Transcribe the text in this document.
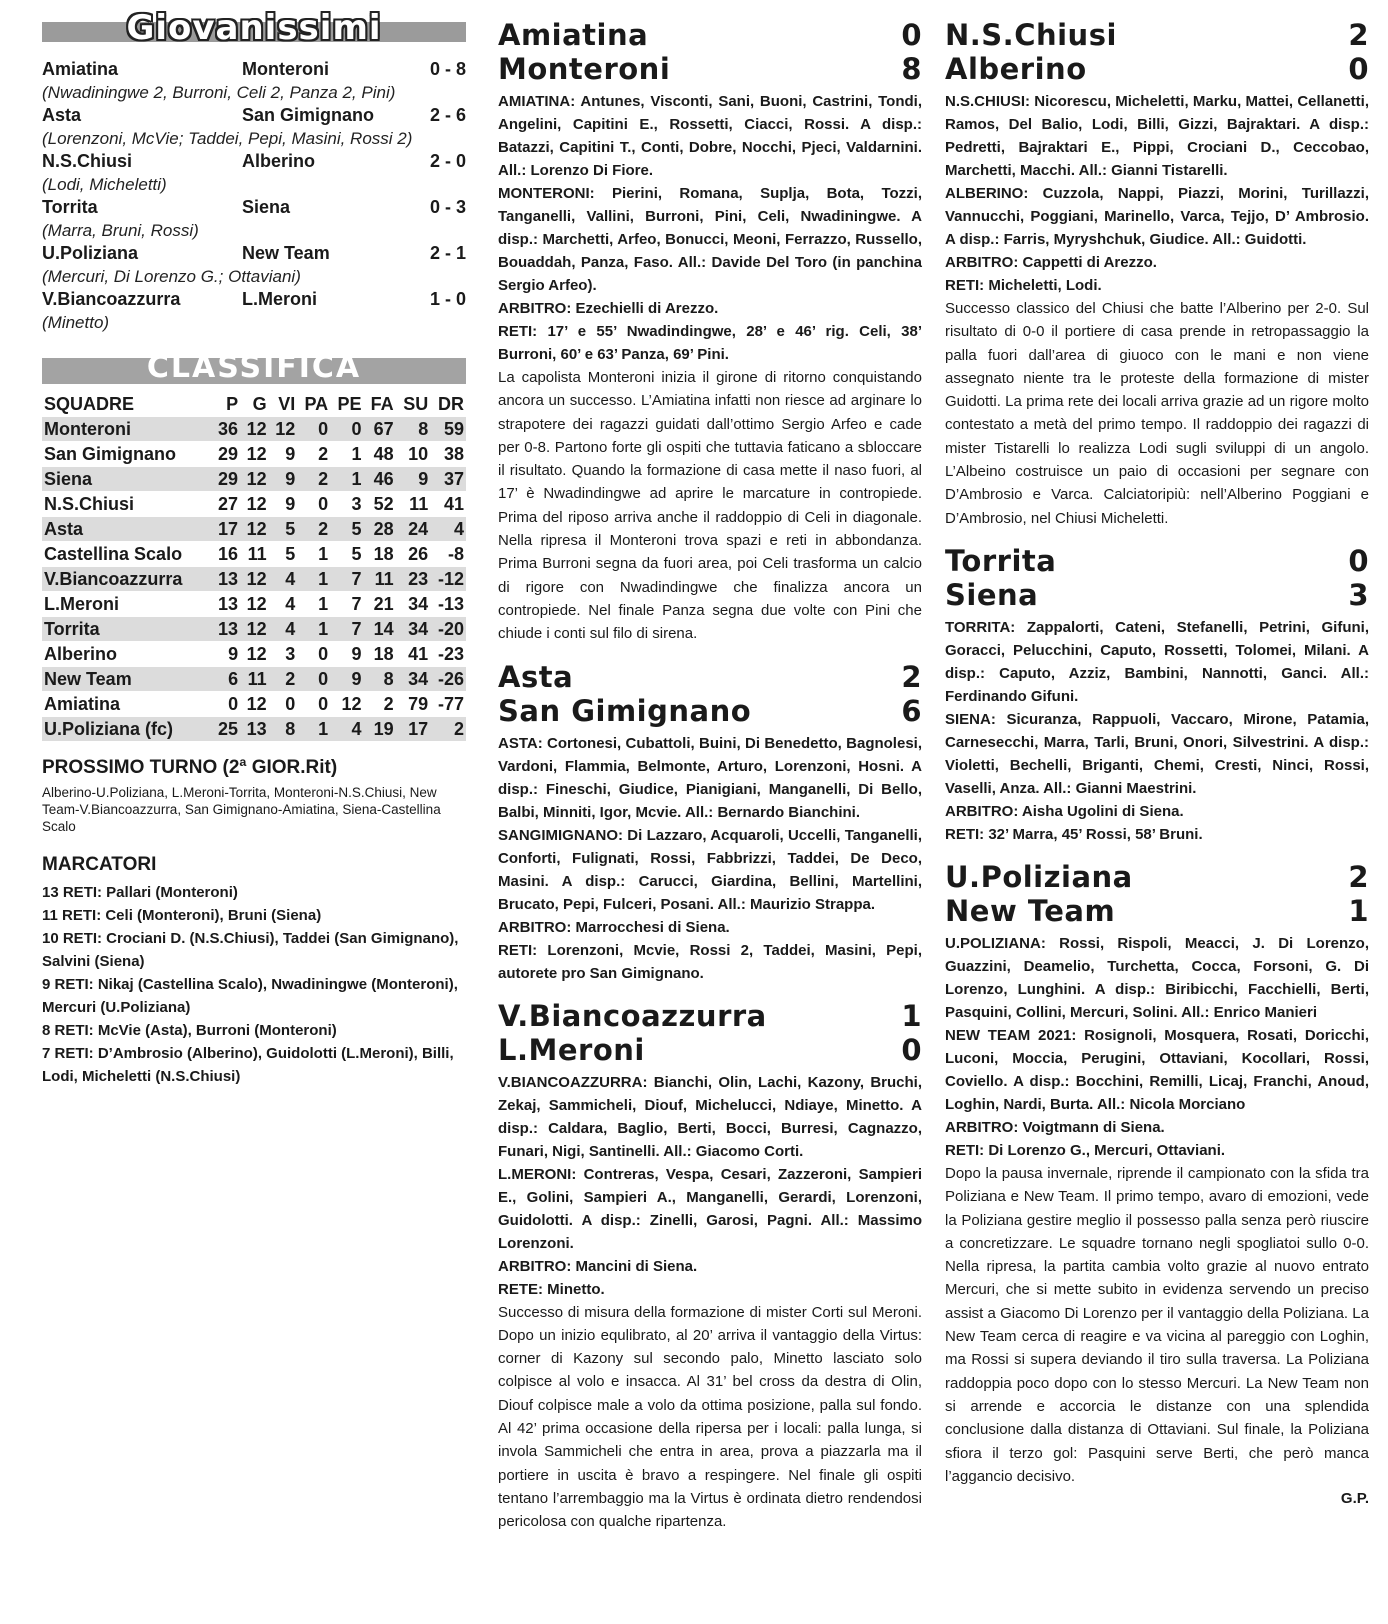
Giovanissimi
Amiatina	Monteroni	0 - 8
(Nwadiningwe 2, Burroni, Celi 2, Panza 2, Pini)
Asta	San Gimignano	2 - 6
(Lorenzoni, McVie; Taddei, Pepi, Masini, Rossi 2)
N.S.Chiusi	Alberino	2 - 0
(Lodi, Micheletti)
Torrita	Siena	0 - 3
(Marra, Bruni, Rossi)
U.Poliziana	New Team	2 - 1
(Mercuri, Di Lorenzo G.; Ottaviani)
V.Biancoazzurra	L.Meroni	1 - 0
(Minetto)
CLASSIFICA
SQUADRE	P	G	VI	PA	PE	FA	SU	DR
Monteroni	36	12	12	0	0	67	8	59
San Gimignano	29	12	9	2	1	48	10	38
Siena	29	12	9	2	1	46	9	37
N.S.Chiusi	27	12	9	0	3	52	11	41
Asta	17	12	5	2	5	28	24	4
Castellina Scalo	16	11	5	1	5	18	26	-8
V.Biancoazzurra	13	12	4	1	7	11	23	-12
L.Meroni	13	12	4	1	7	21	34	-13
Torrita	13	12	4	1	7	14	34	-20
Alberino	9	12	3	0	9	18	41	-23
New Team	6	11	2	0	9	8	34	-26
Amiatina	0	12	0	0	12	2	79	-77
U.Poliziana (fc)	25	13	8	1	4	19	17	2
PROSSIMO TURNO (2ª GIOR.Rit)
Alberino-U.Poliziana, L.Meroni-Torrita, Monteroni-N.S.Chiusi, New Team-V.Biancoazzurra, San Gimignano-Amiatina, Siena-Castellina Scalo
MARCATORI
13 RETI: Pallari (Monteroni)
11 RETI: Celi (Monteroni), Bruni (Siena)
10 RETI: Crociani D. (N.S.Chiusi), Taddei (San Gimignano), Salvini (Siena)
9 RETI: Nikaj (Castellina Scalo), Nwadiningwe (Monteroni), Mercuri (U.Poliziana)
8 RETI: McVie (Asta), Burroni (Monteroni)
7 RETI: D’Ambrosio (Alberino), Guidolotti (L.Meroni), Billi, Lodi, Micheletti (N.S.Chiusi)
Amiatina	0
Monteroni	8

AMIATINA: Antunes, Visconti, Sani, Buoni, Castrini, Tondi, Angelini, Capitini E., Rossetti, Ciacci, Rossi. A disp.: Batazzi, Capitini T., Conti, Dobre, Nocchi, Pjeci, Valdarnini. All.: Lorenzo Di Fiore.

MONTERONI: Pierini, Romana, Suplja, Bota, Tozzi, Tanganelli, Vallini, Burroni, Pini, Celi, Nwadiningwe. A disp.: Marchetti, Arfeo, Bonucci, Meoni, Ferrazzo, Russello, Bouaddah, Panza, Faso. All.: Davide Del Toro (in panchina Sergio Arfeo).

ARBITRO: Ezechielli di Arezzo.

RETI: 17’ e 55’ Nwadindingwe, 28’ e 46’ rig. Celi, 38’ Burroni, 60’ e 63’ Panza, 69’ Pini.

La capolista Monteroni inizia il girone di ritorno conquistando ancora un successo. L’Amiatina infatti non riesce ad arginare lo strapotere dei ragazzi guidati dall’ottimo Sergio Arfeo e cade per 0-8. Partono forte gli ospiti che tuttavia faticano a sbloccare il risultato. Quando la formazione di casa mette il naso fuori, al 17’ è Nwadindingwe ad aprire le marcature in contropiede. Prima del riposo arriva anche il raddoppio di Celi in diagonale. Nella ripresa il Monteroni trova spazi e reti in abbondanza. Prima Burroni segna da fuori area, poi Celi trasforma un calcio di rigore con Nwadindingwe che finalizza ancora un contropiede. Nel finale Panza segna due volte con Pini che chiude i conti sul filo di sirena.

Asta	2
San Gimignano	6

ASTA: Cortonesi, Cubattoli, Buini, Di Benedetto, Bagnolesi, Vardoni, Flammia, Belmonte, Arturo, Lorenzoni, Hosni. A disp.: Fineschi, Giudice, Pianigiani, Manganelli, Di Bello, Balbi, Minniti, Igor, Mcvie. All.: Bernardo Bianchini.

SANGIMIGNANO: Di Lazzaro, Acquaroli, Uccelli, Tanganelli, Conforti, Fulignati, Rossi, Fabbrizzi, Taddei, De Deco, Masini. A disp.: Carucci, Giardina, Bellini, Martellini, Brucato, Pepi, Fulceri, Posani. All.: Maurizio Strappa.

ARBITRO: Marrocchesi di Siena.

RETI: Lorenzoni, Mcvie, Rossi 2, Taddei, Masini, Pepi, autorete pro San Gimignano.

V.Biancoazzurra	1
L.Meroni	0

V.BIANCOAZZURRA: Bianchi, Olin, Lachi, Kazony, Bruchi, Zekaj, Sammicheli, Diouf, Michelucci, Ndiaye, Minetto. A disp.: Caldara, Baglio, Berti, Bocci, Burresi, Cagnazzo, Funari, Nigi, Santinelli. All.: Giacomo Corti.

L.MERONI: Contreras, Vespa, Cesari, Zazzeroni, Sampieri E., Golini, Sampieri A., Manganelli, Gerardi, Lorenzoni, Guidolotti. A disp.: Zinelli, Garosi, Pagni. All.: Massimo Lorenzoni.

ARBITRO: Mancini di Siena.

RETE: Minetto.

Successo di misura della formazione di mister Corti sul Meroni. Dopo un inizio equlibrato, al 20’ arriva il vantaggio della Virtus: corner di Kazony sul secondo palo, Minetto lasciato solo colpisce al volo e insacca. Al 31’ bel cross da destra di Olin, Diouf colpisce male a volo da ottima posizione, palla sul fondo. Al 42’ prima occasione della ripersa per i locali: palla lunga, si invola Sammicheli che entra in area, prova a piazzarla ma il portiere in uscita è bravo a respingere. Nel finale gli ospiti tentano l’arrembaggio ma la Virtus è ordinata dietro rendendosi pericolosa con qualche ripartenza.

N.S.Chiusi	2
Alberino	0

N.S.CHIUSI: Nicorescu, Micheletti, Marku, Mattei, Cellanetti, Ramos, Del Balio, Lodi, Billi, Gizzi, Bajraktari. A disp.: Pedretti, Bajraktari E., Pippi, Crociani D., Ceccobao, Marchetti, Macchi. All.: Gianni Tistarelli.

ALBERINO: Cuzzola, Nappi, Piazzi, Morini, Turillazzi, Vannucchi, Poggiani, Marinello, Varca, Tejjo, D’ Ambrosio. A disp.: Farris, Myryshchuk, Giudice. All.: Guidotti.

ARBITRO: Cappetti di Arezzo.

RETI: Micheletti, Lodi.

Successo classico del Chiusi che batte l’Alberino per 2-0. Sul risultato di 0-0 il portiere di casa prende in retropassaggio la palla fuori dall’area di giuoco con le mani e non viene assegnato niente tra le proteste della formazione di mister Guidotti. La prima rete dei locali arriva grazie ad un rigore molto contestato a metà del primo tempo. Il raddoppio dei ragazzi di mister Tistarelli lo realizza Lodi sugli sviluppi di un angolo. L’Albeino costruisce un paio di occasioni per segnare con D’Ambrosio e Varca. Calciatoripiù: nell’Alberino Poggiani e D’Ambrosio, nel Chiusi Micheletti.

Torrita	0
Siena	3

TORRITA: Zappalorti, Cateni, Stefanelli, Petrini, Gifuni, Goracci, Pelucchini, Caputo, Rossetti, Tolomei, Milani. A disp.: Caputo, Azziz, Bambini, Nannotti, Ganci. All.: Ferdinando Gifuni.

SIENA: Sicuranza, Rappuoli, Vaccaro, Mirone, Patamia, Carnesecchi, Marra, Tarli, Bruni, Onori, Silvestrini. A disp.: Violetti, Bechelli, Briganti, Chemi, Cresti, Ninci, Rossi, Vaselli, Anza. All.: Gianni Maestrini.

ARBITRO: Aisha Ugolini di Siena.

RETI: 32’ Marra, 45’ Rossi, 58’ Bruni.

U.Poliziana	2
New Team	1

U.POLIZIANA: Rossi, Rispoli, Meacci, J. Di Lorenzo, Guazzini, Deamelio, Turchetta, Cocca, Forsoni, G. Di Lorenzo, Lunghini. A disp.: Biribicchi, Facchielli, Berti, Pasquini, Collini, Mercuri, Solini. All.: Enrico Manieri

NEW TEAM 2021: Rosignoli, Mosquera, Rosati, Doricchi, Luconi, Moccia, Perugini, Ottaviani, Kocollari, Rossi, Coviello. A disp.: Bocchini, Remilli, Licaj, Franchi, Anoud, Loghin, Nardi, Burta. All.: Nicola Morciano

ARBITRO: Voigtmann di Siena.

RETI: Di Lorenzo G., Mercuri, Ottaviani.

Dopo la pausa invernale, riprende il campionato con la sfida tra Poliziana e New Team. Il primo tempo, avaro di emozioni, vede la Poliziana gestire meglio il possesso palla senza però riuscire a concretizzare. Le squadre tornano negli spogliatoi sullo 0-0. Nella ripresa, la partita cambia volto grazie al nuovo entrato Mercuri, che si mette subito in evidenza servendo un preciso assist a Giacomo Di Lorenzo per il vantaggio della Poliziana. La New Team cerca di reagire e va vicina al pareggio con Loghin, ma Rossi si supera deviando il tiro sulla traversa. La Poliziana raddoppia poco dopo con lo stesso Mercuri. La New Team non si arrende e accorcia le distanze con una splendida conclusione dalla distanza di Ottaviani. Sul finale, la Poliziana sfiora il terzo gol: Pasquini serve Berti, che però manca l’aggancio decisivo.

G.P.
